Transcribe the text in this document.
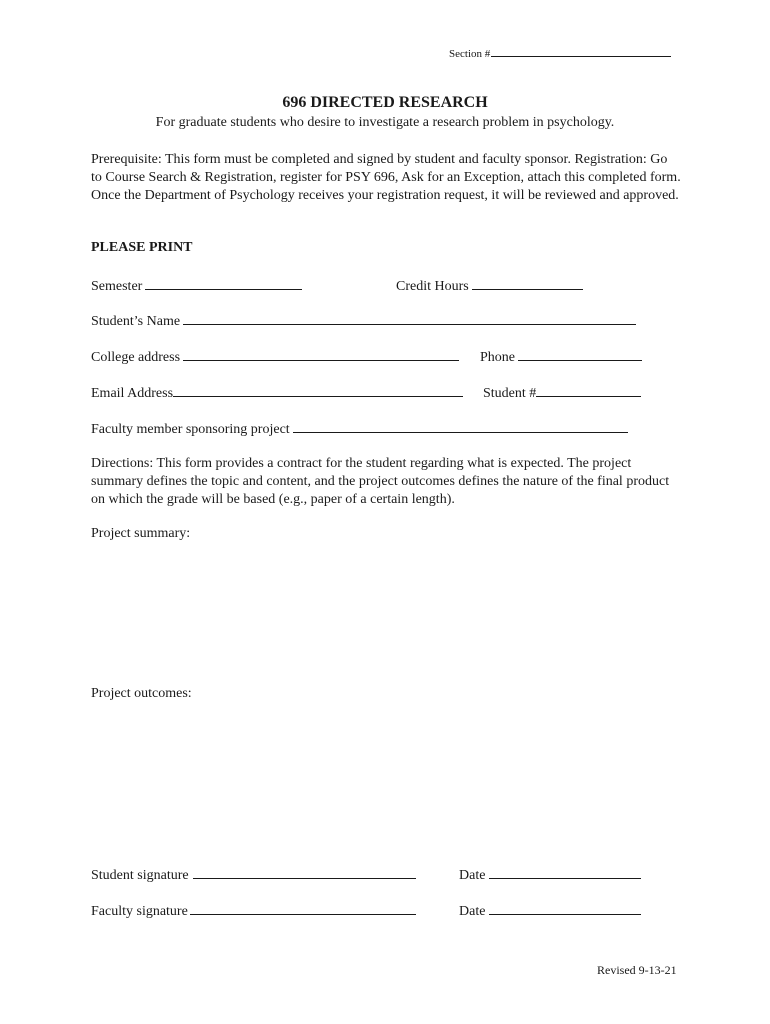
Section #
696 DIRECTED RESEARCH
For graduate students who desire to investigate a research problem in psychology.
Prerequisite: This form must be completed and signed by student and faculty sponsor. Registration: Go to Course Search & Registration, register for PSY 696, Ask for an Exception, attach this completed form. Once the Department of Psychology receives your registration request, it will be reviewed and approved.
PLEASE PRINT
Semester	Credit Hours
Student’s Name
College address	Phone
Email Address	Student #
Faculty member sponsoring project
Directions: This form provides a contract for the student regarding what is expected. The project summary defines the topic and content, and the project outcomes defines the nature of the final product on which the grade will be based (e.g., paper of a certain length).
Project summary:
Project outcomes:
Student signature	Date
Faculty signature	Date
Revised 9-13-21
